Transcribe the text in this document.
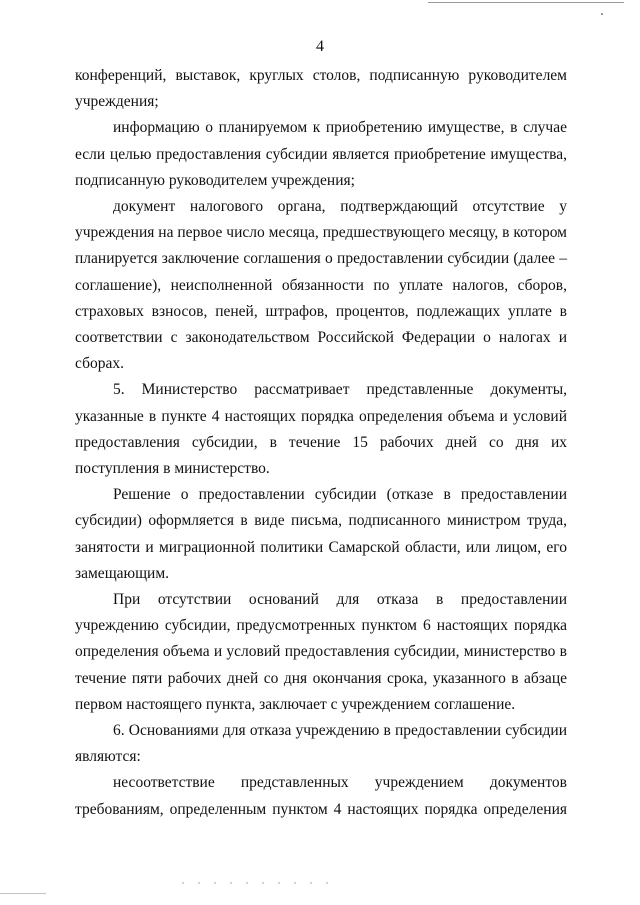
4

конференций, выставок, круглых столов, подписанную руководителем учреждения;

информацию о планируемом к приобретению имуществе, в случае если целью предоставления субсидии является приобретение имущества, подписанную руководителем учреждения;

документ налогового органа, подтверждающий отсутствие у учреждения на первое число месяца, предшествующего месяцу, в котором планируется заключение соглашения о предоставлении субсидии (далее – соглашение), неисполненной обязанности по уплате налогов, сборов, страховых взносов, пеней, штрафов, процентов, подлежащих уплате в соответствии с законодательством Российской Федерации о налогах и сборах.

5. Министерство рассматривает представленные документы, указанные в пункте 4 настоящих порядка определения объема и условий предоставления субсидии, в течение 15 рабочих дней со дня их поступления в министерство.

Решение о предоставлении субсидии (отказе в предоставлении субсидии) оформляется в виде письма, подписанного министром труда, занятости и миграционной политики Самарской области, или лицом, его замещающим.

При отсутствии оснований для отказа в предоставлении учреждению субсидии, предусмотренных пунктом 6 настоящих порядка определения объема и условий предоставления субсидии, министерство в течение пяти рабочих дней со дня окончания срока, указанного в абзаце первом настоящего пункта, заключает с учреждением соглашение.

6. Основаниями для отказа учреждению в предоставлении субсидии являются:

несоответствие представленных учреждением документов требованиям, определенным пунктом 4 настоящих порядка определения
